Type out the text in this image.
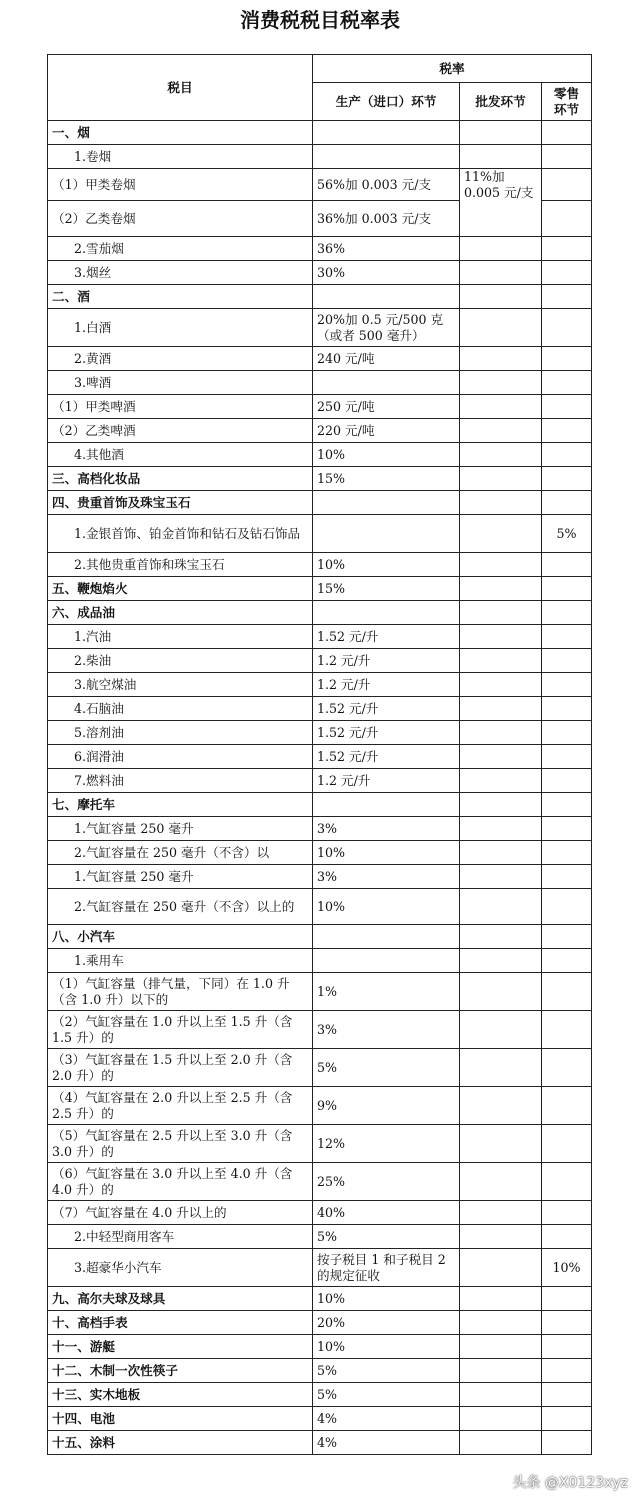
消费税税目税率表
税目	税率		
	生产（进口）环节	批发环节	零售
环节
一、烟			
1.卷烟			
（1）甲类卷烟	56%加 0.003 元/支	11%加 0.005 元/支	
（2）乙类卷烟	36%加 0.003 元/支		
2.雪茄烟	36%		
3.烟丝	30%		
二、酒			
1.白酒	20%加 0.5 元/500 克（或者 500 毫升）		
2.黄酒	240 元/吨		
3.啤酒			
（1）甲类啤酒	250 元/吨		
（2）乙类啤酒	220 元/吨		
4.其他酒	10%		
三、高档化妆品	15%		
四、贵重首饰及珠宝玉石			
1.金银首饰、铂金首饰和钻石及钻石饰品			5%
2.其他贵重首饰和珠宝玉石	10%		
五、鞭炮焰火	15%		
六、成品油			
1.汽油	1.52 元/升		
2.柴油	1.2 元/升		
3.航空煤油	1.2 元/升		
4.石脑油	1.52 元/升		
5.溶剂油	1.52 元/升		
6.润滑油	1.52 元/升		
7.燃料油	1.2 元/升		
七、摩托车			
1.气缸容量 250 毫升	3%		
2.气缸容量在 250 毫升（不含）以	10%		
1.气缸容量 250 毫升	3%		
2.气缸容量在 250 毫升（不含）以上的	10%		
八、小汽车			
1.乘用车			
（1）气缸容量（排气量，下同）在 1.0 升（含 1.0 升）以下的	1%		
（2）气缸容量在 1.0 升以上至 1.5 升（含 1.5 升）的	3%		
（3）气缸容量在 1.5 升以上至 2.0 升（含 2.0 升）的	5%		
（4）气缸容量在 2.0 升以上至 2.5 升（含 2.5 升）的	9%		
（5）气缸容量在 2.5 升以上至 3.0 升（含 3.0 升）的	12%		
（6）气缸容量在 3.0 升以上至 4.0 升（含 4.0 升）的	25%		
（7）气缸容量在 4.0 升以上的	40%		
2.中轻型商用客车	5%		
3.超豪华小汽车	按子税目 1 和子税目 2 的规定征收		10%
九、高尔夫球及球具	10%		
十、高档手表	20%		
十一、游艇	10%		
十二、木制一次性筷子	5%		
十三、实木地板	5%		
十四、电池	4%		
十五、涂料	4%		
头条 @X0123xyz
